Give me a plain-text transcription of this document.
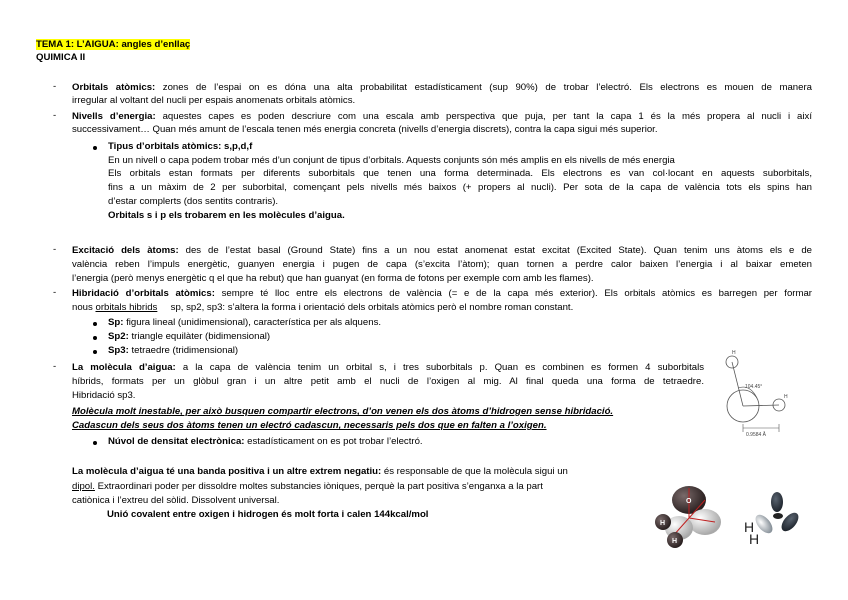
TEMA 1: L’AIGUA: angles d’enllaç
QUIMICA II
- Orbitals atòmics: zones de l’espai on es dóna una alta probabilitat estadísticament (sup 90%) de trobar l’electró. Els electrons es mouen de manera
irregular al voltant del nucli per espais anomenats orbitals atòmics.
- Nivells d’energia: aquestes capes es poden descriure com una escala amb perspectiva que puja, per tant la capa 1 és la més propera al nucli i així
successivament… Quan més amunt de l’escala tenen més energia concreta (nivells d’energia discrets), contra la capa sigui més superior.
Tipus d’orbitals atòmics: s,p,d,f
En un nivell o capa podem trobar més d’un conjunt de tipus d’orbitals. Aquests conjunts són més amplis en els nivells de més energia
Els orbitals estan formats per diferents suborbitals que tenen una forma determinada. Els electrons es van col·locant en aquests suborbitals,
fins a un màxim de 2 per suborbital, començant pels nivells més baixos (+ propers al nucli). Per sota de la capa de valència tots els spins han
d’estar complerts (dos sentits contraris).
Orbitals s i p els trobarem en les molècules d’aigua.
- Excitació dels àtoms: des de l’estat basal (Ground State) fins a un nou estat anomenat estat excitat (Excited State). Quan tenim uns àtoms els e de
valència reben l’impuls energètic, guanyen energia i pugen de capa (s’excita l’àtom); quan tornen a perdre calor baixen l’energia i al baixar emeten
l’energia (però menys energètic q el que ha rebut) que han guanyat (en forma de fotons per exemple com amb les flames).
- Hibridació d’orbitals atòmics: sempre té lloc entre els electrons de valència (= e de la capa més exterior). Els orbitals atòmics es barregen per formar
nous orbitals hibrids     sp, sp2, sp3: s’altera la forma i orientació dels orbitals atòmics però el nombre roman constant.
Sp: figura lineal (unidimensional), característica per als alquens.
Sp2: triangle equilàter (bidimensional)
Sp3: tetraedre (tridimensional)
- La molècula d’aigua: a la capa de valència tenim un orbital s, i tres suborbitals p. Quan es combinen es formen 4 suborbitals
híbrids, formats per un glòbul gran i un altre petit amb el nucli de l’oxigen al mig. Al final queda una forma de tetraedre.
Hibridació sp3.
Molècula molt inestable, per això busquen compartir electrons, d’on venen els dos àtoms d’hidrogen sense hibridació.
Cadascun dels seus dos àtoms tenen un electró cadascun, necessaris pels dos que en falten a l’oxigen.
Núvol de densitat electrònica: estadísticament on es pot trobar l’electró.
La molècula d’aigua té una banda positiva i un altre extrem negatiu: és responsable de que la molècula sigui un
dipol. Extraordinari poder per dissoldre moltes substancies iòniques, perquè la part positiva s’enganxa a la part
catiònica i l’extreu del sòlid. Dissolvent universal.
Unió covalent entre oxigen i hidrogen és molt forta i calen 144kcal/mol
104.45°
0.9584 Å
H
H
H
H
O
H
H
